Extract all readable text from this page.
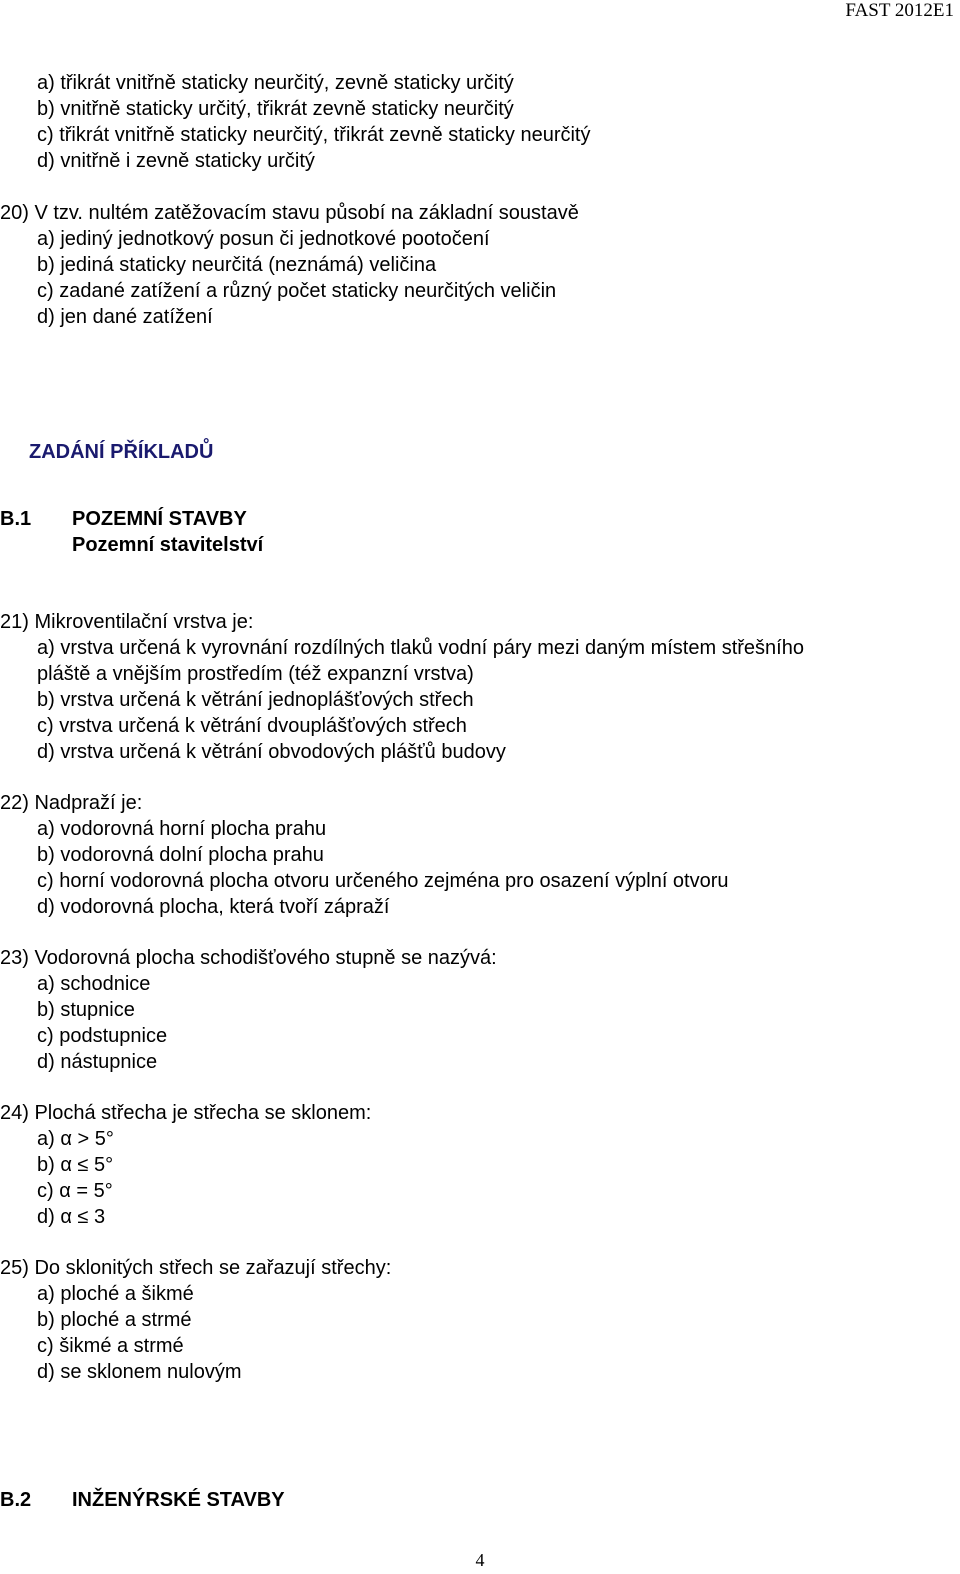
FAST 2012E1
a) třikrát vnitřně staticky neurčitý, zevně staticky určitý
b) vnitřně staticky určitý, třikrát zevně staticky neurčitý
c) třikrát vnitřně staticky neurčitý, třikrát zevně staticky neurčitý
d) vnitřně i zevně staticky určitý
20) V tzv. nultém zatěžovacím stavu působí na základní soustavě
a) jediný jednotkový posun či jednotkové pootočení
b) jediná staticky neurčitá (neznámá) veličina
c) zadané zatížení a různý počet staticky neurčitých veličin
d) jen dané zatížení
ZADÁNÍ PŘÍKLADŮ
B.1 POZEMNÍ STAVBY
Pozemní stavitelství
21) Mikroventilační vrstva je:
a) vrstva určená k vyrovnání rozdílných tlaků vodní páry mezi daným místem střešního
pláště a vnějším prostředím (též expanzní vrstva)
b) vrstva určená k větrání jednoplášťových střech
c) vrstva určená k větrání dvouplášťových střech
d) vrstva určená k větrání obvodových plášťů budovy
22) Nadpraží je:
a) vodorovná horní plocha prahu
b) vodorovná dolní plocha prahu
c) horní vodorovná plocha otvoru určeného zejména pro osazení výplní otvoru
d) vodorovná plocha, která tvoří zápraží
23) Vodorovná plocha schodišťového stupně se nazývá:
a) schodnice
b) stupnice
c) podstupnice
d) nástupnice
24) Plochá střecha je střecha se sklonem:
a) α > 5°
b) α ≤ 5°
c) α = 5°
d) α ≤ 3
25) Do sklonitých střech se zařazují střechy:
a) ploché a šikmé
b) ploché a strmé
c) šikmé a strmé
d) se sklonem nulovým
B.2 INŽENÝRSKÉ STAVBY
4
